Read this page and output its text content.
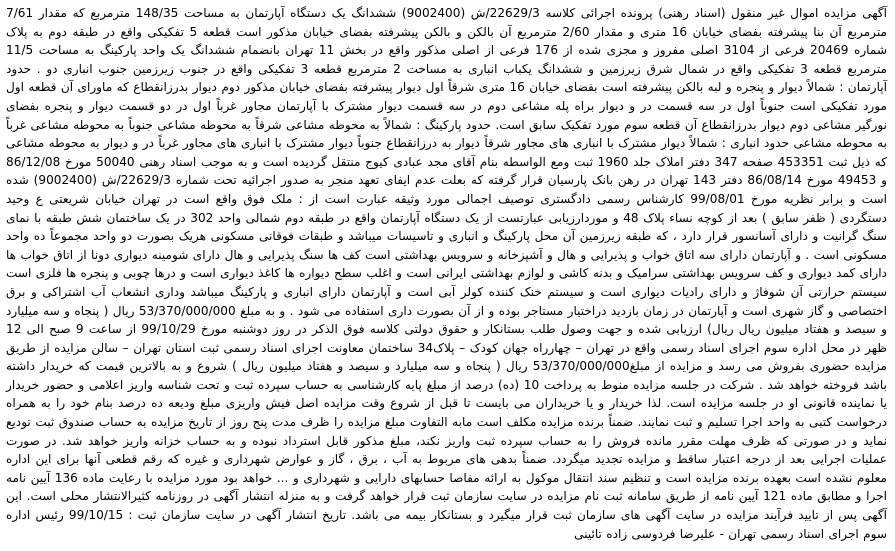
آگهی مزایده اموال غیر منقول (اسناد رهنی) پرونده اجرائی کلاسه 22629/3/ش (9002400) ششدانگ یک دستگاه آپارتمان به مساحت 148/35 مترمربع که مقدار 7/61 مترمربع آن بنا پیشرفته بفضای خیابان 16 متری و مقدار 2/60 مترمربع آن بالکن و بالکن پیشرفته بفضای خیابان مذکور است قطعه 5 تفکیکی واقع در طبقه دوم به پلاک شماره 20469 فرعی از 3104 اصلی مفروز و مجزی شده از 176 فرعی از اصلی مذکور واقع در بخش 11 تهران بانضمام ششدانگ یک واحد پارکینگ به مساحت 11/5 مترمربع قطعه 3 تفکیکی واقع در شمال شرق زیرزمین و ششدانگ یکباب انباری به مساحت 2 مترمربع قطعه 3 تفکیکی واقع در جنوب زیرزمین جنوب انباری دو . حدود آپارتمان : شمالاً دیوار و پنجره و لبه بالکن پیشرفته است بفضای خیابان 16 متری شرقاً اول دیوار پیشرفته بفضای خیابان مذکور دوم دیوار بدرزانقطاع که ماورای آن قطعه اول مورد تفکیکی است جنوباً اول در سه قسمت در و دیوار براه پله مشاعی دوم در سه قسمت دیوار مشترک با آپارتمان مجاور غرباً اول در دو قسمت دیوار و پنجره بفضای نورگیر مشاعی دوم دیوار بدرزانقطاع آن قطعه سوم مورد تفکیک سابق است. حدود پارکینگ : شمالاً به محوطه مشاعی شرقاً به محوطه مشاعی جنوباً به محوطه مشاعی غرباً به محوطه مشاعی حدود انباری : شمالاً دیوار مشترک با انباری های مجاور شرقاً دیوار به درزانقطاع جنوباً دیوار مشترک با انباری های مجاور غرباً در و دیوار به محوطه مشاعی که ذیل ثبت 453351 صفحه 347 دفتر املاک جلد 1960 ثبت ومع الواسطه بنام آقای مجد عبادی کیوج منتقل گردیده است و به موجب اسناد رهنی 50040 مورخ 86/12/08 و 49453 مورخ 86/08/14 دفتر 143 تهران در رهن بانک پارسیان قرار گرفته که بعلت عدم ایفای تعهد منجر به صدور اجرائیه تحت شماره 22629/3/ش (9002400) شده است و برابر نظریه مورخ 99/08/01 کارشناس رسمی دادگستری توصیف اجمالی مورد وثیقه عبارت است از : ملک فوق واقع است در تهران خیابان شریعتی ع وحید دستگردی ( ظفر سابق ) بعد از کوچه نساء پلاک 48 و موردارزیابی عبارتست از یک دستگاه آپارتمان واقع در طبقه دوم شمالی واحد 302 در یک ساختمان شش طبقه با نمای سنگ گرانیت و دارای آسانسور قرار دارد ، که طبقه زیرزمین آن محل پارکینگ و انباری و تاسیسات میباشد و طبقات فوقانی مسکونی هریک بصورت دو واحد مجموعاً ده واحد مسکونی است . و آپارتمان دارای سه اتاق خواب و پذیرایی و هال و آشپزخانه و سرویس بهداشتی است کف ها سنگ پذیرایی و هال دارای شومینه دیواری دونا از اتاق خواب ها دارای کمد دیواری و کف سرویس بهداشتی سرامیک و بدنه کاشی و لوازم بهداشتی ایرانی است و اغلب سطح دیواره ها کاغذ دیواری است و درها چوبی و پنجره ها فلزی است سیستم حرارتی آن شوفاژ و دارای رادیات دیواری است و سیستم خنک کننده کولر آبی است و آپارتمان دارای انباری و پارکینگ میباشد وداری انشعاب آب اشتراکی و برق اختصاصی و گاز شهری است و آپارتمان در زمان بازدید دراختیار مستاجر بوده و از آن بصورت داری استفاده می شود . و به مبلغ 53/370/000/000 ریال ( پنجاه و سه میلیارد و سیصد و هفتاد میلیون ریال ریال) ارزیابی شده و جهت وصول طلب بستانکار و حقوق دولتی کلاسه فوق الذکر در روز دوشنبه مورخ 99/10/29 از ساعت 9 صبح الی 12 ظهر در محل اداره سوم اجرای اسناد رسمی واقع در تهران – چهارراه جهان کودک – پلاک34 ساختمان معاونت اجرای اسناد رسمی ثبت استان تهران – سالن مزایده از طریق مزایده حضوری بفروش می رسد و مزایده از مبلغ53/370/000/000 ریال ( پنجاه و سه میلیارد و سیصد و هفتاد میلیون ریال ) شروع و به بالاترین قیمت که خریدار داشته باشد فروخته خواهد شد . شرکت در جلسه مزایده منوط به پرداخت 10 (ده) درصد از مبلغ پایه کارشناسی به حساب سپرده ثبت و تحت شناسه واریز اعلامی و حضور خریدار یا نماینده قانونی او در جلسه مزایده است. لذا خریدار و یا خریداران می بایست تا قبل از شروع وقت مزایده اصل فیش واریزی مبلغ ودیعه ده درصد بنام خود را به همراه درخواست کتبی به واحد اجرا تسلیم و ثبت نمایند. ضمناً برنده مزایده مکلف است مابه التفاوت مبلغ مزایده را ظرف مدت پنج روز از تاریخ مزایده به حساب صندوق ثبت تودیع نماید و در صورتی که ظرف مهلت مقرر مانده فروش را به حساب سپرده ثبت واریز نکند، مبلغ مذکور قابل استرداد نبوده و به حساب خزانه واریز خواهد شد. در صورت عملیات اجرایی بعد از درجه اعتبار ساقط و مزایده تجدید میگردد. ضمناً بدهی های مربوط به آب ، برق ، گاز و عوارض شهرداری و غیره که رقم قطعی آنها برای این اداره معلوم نشده است بعهده برنده مزایده است و تنظیم سند انتقال موکول به ارائه مفاصا حسابهای دارایی و شهرداری و ... خواهد بود مورد مزایده با رعایت ماده 136 آیین نامه اجرا و مطابق ماده 121 آیین نامه از طریق سامانه ثبت نام مزایده در سایت سازمان ثبت قرار خواهد گرفت و به منزله انتشار آگهی در روزنامه کثیرالانتشار محلی است. این آگهی پس از تایید فرآیند مزایده در سایت آگهی های سازمان ثبت قرار میگیرد و بستانکار بیمه می باشد. تاریخ انتشار آگهی در سایت سازمان ثبت : 99/10/15 رئیس اداره سوم اجرای اسناد رسمی تهران - علیرضا فردوسی زاده تائینی
